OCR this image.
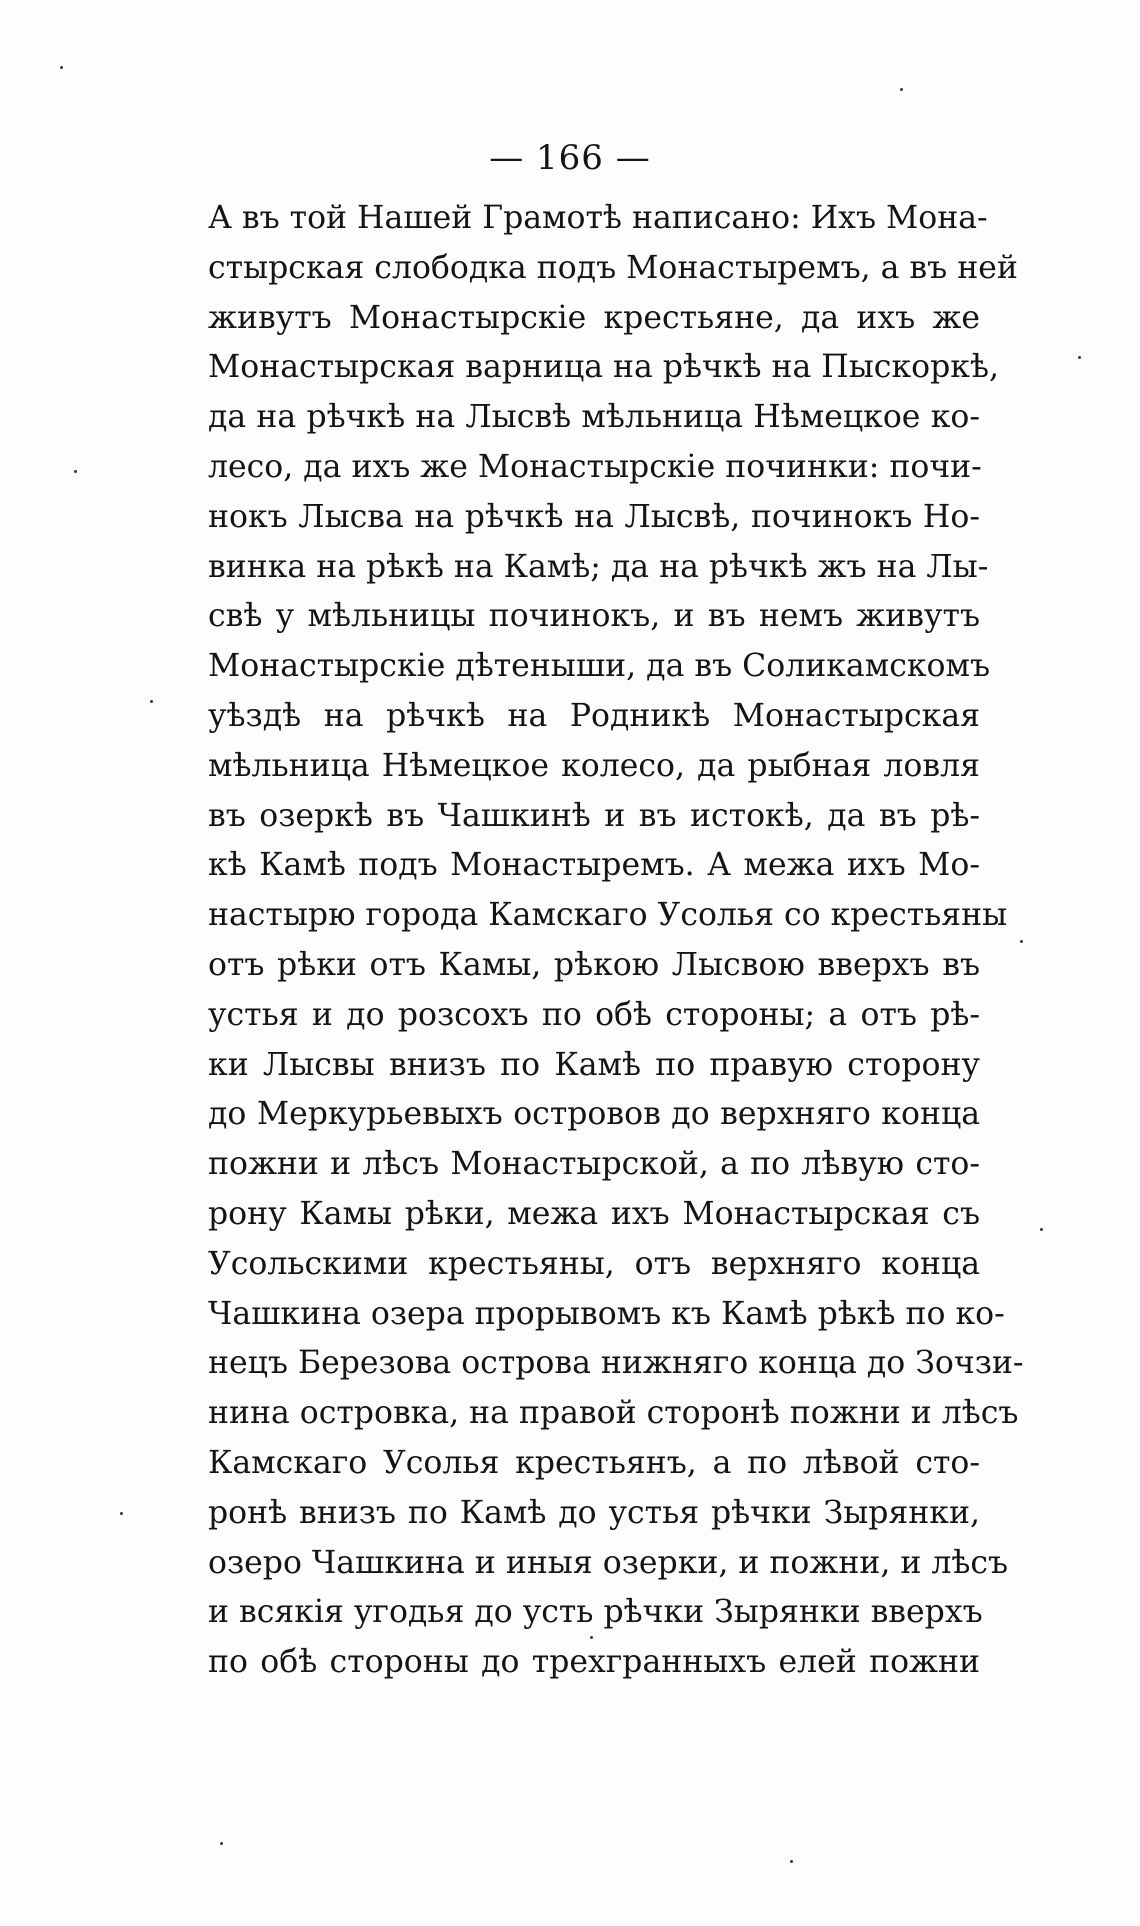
— 166 —
А въ той Нашей Грамотѣ написано: Ихъ Мона-
стырская слободка подъ Монастыремъ, а въ ней
живутъ Монастырскіе крестьяне, да ихъ же
Монастырская варница на рѣчкѣ на Пыскоркѣ,
да на рѣчкѣ на Лысвѣ мѣльница Нѣмецкое ко-
лесо, да ихъ же Монастырскіе починки: почи-
нокъ Лысва на рѣчкѣ на Лысвѣ, починокъ Но-
винка на рѣкѣ на Камѣ; да на рѣчкѣ жъ на Лы-
свѣ у мѣльницы починокъ, и въ немъ живутъ
Монастырскіе дѣтеныши, да въ Соликамскомъ
уѣздѣ на рѣчкѣ на Родникѣ Монастырская
мѣльница Нѣмецкое колесо, да рыбная ловля
въ озеркѣ въ Чашкинѣ и въ истокѣ, да въ рѣ-
кѣ Камѣ подъ Монастыремъ. А межа ихъ Мо-
настырю города Камскаго Усолья со крестьяны
отъ рѣки отъ Камы, рѣкою Лысвою вверхъ въ
устья и до розсохъ по обѣ стороны; а отъ рѣ-
ки Лысвы внизъ по Камѣ по правую сторону
до Меркурьевыхъ островов до верхняго конца
пожни и лѣсъ Монастырской, а по лѣвую сто-
рону Камы рѣки, межа ихъ Монастырская съ
Усольскими крестьяны, отъ верхняго конца
Чашкина озера прорывомъ къ Камѣ рѣкѣ по ко-
нецъ Березова острова нижняго конца до Зочзи-
нина островка, на правой сторонѣ пожни и лѣсъ
Камскаго Усолья крестьянъ, а по лѣвой сто-
ронѣ внизъ по Камѣ до устья рѣчки Зырянки,
озеро Чашкина и иныя озерки, и пожни, и лѣсъ
и всякія угодья до усть рѣчки Зырянки вверхъ
по обѣ стороны до трехгранныхъ елей пожни
